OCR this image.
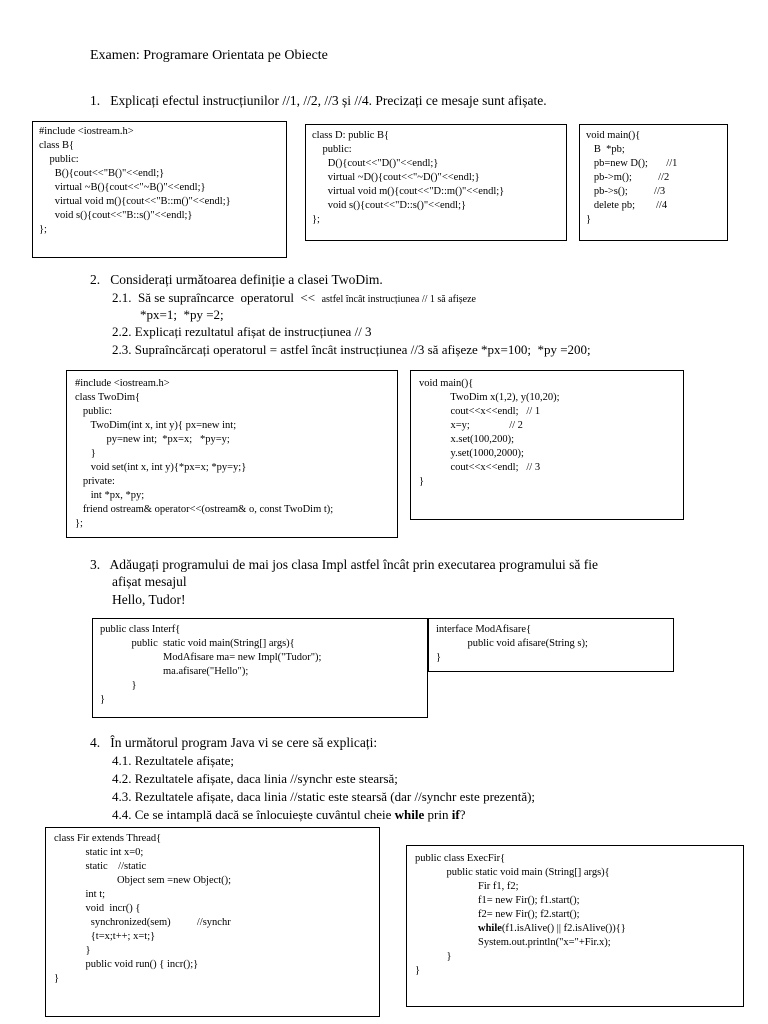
Examen: Programare Orientata pe Obiecte
1.   Explicați efectul instrucțiunilor //1, //2, //3 și //4. Precizați ce mesaje sunt afișate.
#include <iostream.h>
class B{
public:
B(){cout<<"B()"<<endl;}
virtual ~B(){cout<<"~B()"<<endl;}
virtual void m(){cout<<"B::m()"<<endl;}
void s(){cout<<"B::s()"<<endl;}
};
class D: public B{
public:
D(){cout<<"D()"<<endl;}
virtual ~D(){cout<<"~D()"<<endl;}
virtual void m(){cout<<"D::m()"<<endl;}
void s(){cout<<"D::s()"<<endl;}
};
void main(){
B  *pb;
pb=new D();       //1
pb->m();          //2
pb->s();          //3
delete pb;        //4
}
2.   Considerați următoarea definiție a clasei TwoDim.
2.1.  Să se supraîncarce  operatorul  << astfel încât instrucțiunea // 1 să afișeze
*px=1;  *py =2;
2.2. Explicați rezultatul afișat de instrucțiunea // 3
2.3. Supraîncărcați operatorul = astfel încât instrucțiunea //3 să afișeze *px=100;  *py =200;
#include <iostream.h>
class TwoDim{
public:
TwoDim(int x, int y){ px=new int;
py=new int;  *px=x;   *py=y;
}
void set(int x, int y){*px=x; *py=y;}
private:
int *px, *py;
friend ostream& operator<<(ostream& o, const TwoDim t);
};
void main(){
TwoDim x(1,2), y(10,20);
cout<<x<<endl;   // 1
x=y;               // 2
x.set(100,200);
y.set(1000,2000);
cout<<x<<endl;   // 3
}
3.   Adăugați programului de mai jos clasa Impl astfel încât prin executarea programului să fie
afișat mesajul
Hello, Tudor!
public class Interf{
public  static void main(String[] args){
ModAfisare ma= new Impl("Tudor");
ma.afisare("Hello");
}
}
interface ModAfisare{
public void afisare(String s);
}
4.   În următorul program Java vi se cere să explicați:
4.1. Rezultatele afișate;
4.2. Rezultatele afișate, daca linia //synchr este stearsă;
4.3. Rezultatele afișate, daca linia //static este stearsă (dar //synchr este prezentă);
4.4. Ce se intamplă dacă se înlocuiește cuvântul cheie while prin if?
class Fir extends Thread{
static int x=0;
static    //static
Object sem =new Object();
int t;
void  incr() {
synchronized(sem)          //synchr
{t=x;t++; x=t;}
}
public void run() { incr();}
}
public class ExecFir{
public static void main (String[] args){
Fir f1, f2;
f1= new Fir(); f1.start();
f2= new Fir(); f2.start();
while(f1.isAlive() || f2.isAlive()){}
System.out.println("x="+Fir.x);
}
}
